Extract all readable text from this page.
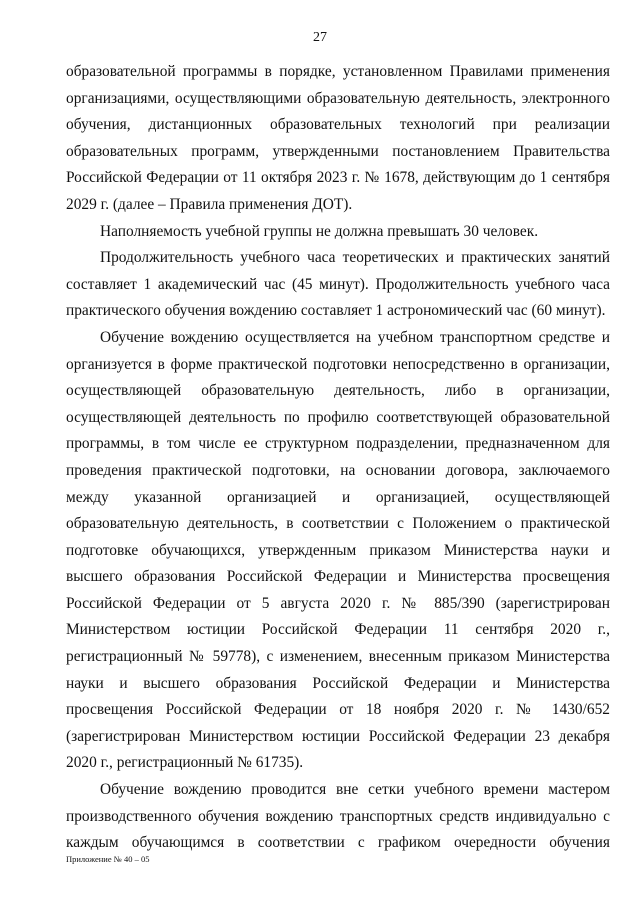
27

образовательной программы в порядке, установленном Правилами применения организациями, осуществляющими образовательную деятельность, электронного обучения, дистанционных образовательных технологий при реализации образовательных программ, утвержденными постановлением Правительства Российской Федерации от 11 октября 2023 г. № 1678, действующим до 1 сентября 2029 г. (далее – Правила применения ДОТ).

Наполняемость учебной группы не должна превышать 30 человек.

Продолжительность учебного часа теоретических и практических занятий составляет 1 академический час (45 минут). Продолжительность учебного часа практического обучения вождению составляет 1 астрономический час (60 минут).

Обучение вождению осуществляется на учебном транспортном средстве и организуется в форме практической подготовки непосредственно в организации, осуществляющей образовательную деятельность, либо в организации, осуществляющей деятельность по профилю соответствующей образовательной программы, в том числе ее структурном подразделении, предназначенном для проведения практической подготовки, на основании договора, заключаемого между указанной организацией и организацией, осуществляющей образовательную деятельность, в соответствии с Положением о практической подготовке обучающихся, утвержденным приказом Министерства науки и высшего образования Российской Федерации и Министерства просвещения Российской Федерации от 5 августа 2020 г. № 885/390 (зарегистрирован Министерством юстиции Российской Федерации 11 сентября 2020 г., регистрационный № 59778), с изменением, внесенным приказом Министерства науки и высшего образования Российской Федерации и Министерства просвещения Российской Федерации от 18 ноября 2020 г. № 1430/652 (зарегистрирован Министерством юстиции Российской Федерации 23 декабря 2020 г., регистрационный № 61735).

Обучение вождению проводится вне сетки учебного времени мастером производственного обучения вождению транспортных средств индивидуально с каждым обучающимся в соответствии с графиком очередности обучения

Приложение № 40 – 05
